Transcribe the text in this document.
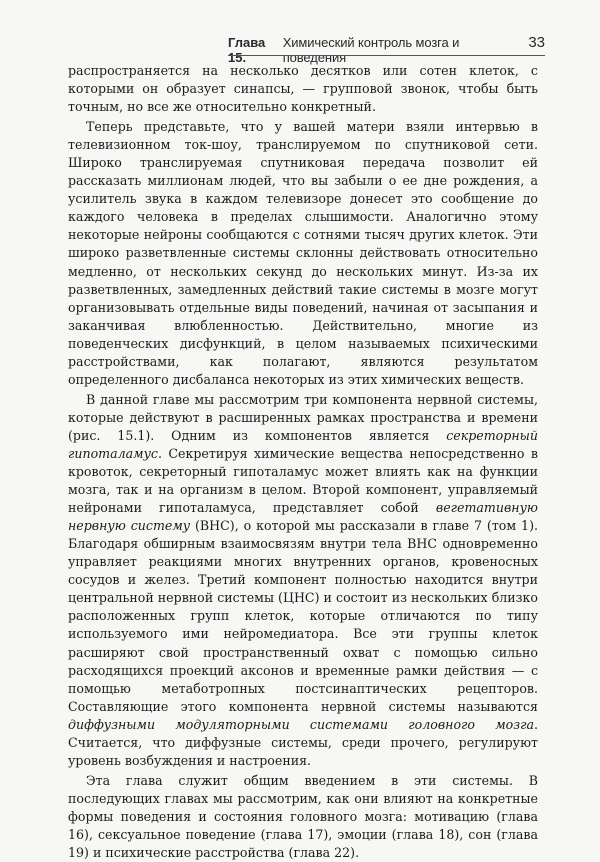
Глава 15.
Химический контроль мозга и поведения
33

распространяется на несколько десятков или сотен клеток, с которыми он образует синапсы, — групповой звонок, чтобы быть точным, но все же относительно конкретный.

Теперь представьте, что у вашей матери взяли интервью в телевизионном ток-шоу, транслируемом по спутниковой сети. Широко транслируемая спутниковая передача позволит ей рассказать миллионам людей, что вы забыли о ее дне рождения, а усилитель звука в каждом телевизоре донесет это сообщение до каждого человека в пределах слышимости. Аналогично этому некоторые нейроны сообщаются с сотнями тысяч других клеток. Эти широко разветвленные системы склонны действовать относительно медленно, от нескольких секунд до нескольких минут. Из-за их разветвленных, замедленных действий такие системы в мозге могут организовывать отдельные виды поведений, начиная от засыпания и заканчивая влюбленностью. Действительно, многие из поведенческих дисфункций, в целом называемых психическими расстройствами, как полагают, являются результатом определенного дисбаланса некоторых из этих химических веществ.

В данной главе мы рассмотрим три компонента нервной системы, которые действуют в расширенных рамках пространства и времени (рис. 15.1). Одним из компонентов является секреторный гипоталамус. Секретируя химические вещества непосредственно в кровоток, секреторный гипоталамус может влиять как на функции мозга, так и на организм в целом. Второй компонент, управляемый нейронами гипоталамуса, представляет собой вегетативную нервную систему (ВНС), о которой мы рассказали в главе 7 (том 1). Благодаря обширным взаимосвязям внутри тела ВНС одновременно управляет реакциями многих внутренних органов, кровеносных сосудов и желез. Третий компонент полностью находится внутри центральной нервной системы (ЦНС) и состоит из нескольких близко расположенных групп клеток, которые отличаются по типу используемого ими нейромедиатора. Все эти группы клеток расширяют свой пространственный охват с помощью сильно расходящихся проекций аксонов и временные рамки действия — с помощью метаботропных постсинаптических рецепторов. Составляющие этого компонента нервной системы называются диффузными модуляторными системами головного мозга. Считается, что диффузные системы, среди прочего, регулируют уровень возбуждения и настроения.

Эта глава служит общим введением в эти системы. В последующих главах мы рассмотрим, как они влияют на конкретные формы поведения и состояния головного мозга: мотивацию (глава 16), сексуальное поведение (глава 17), эмоции (глава 18), сон (глава 19) и психические расстройства (глава 22).
